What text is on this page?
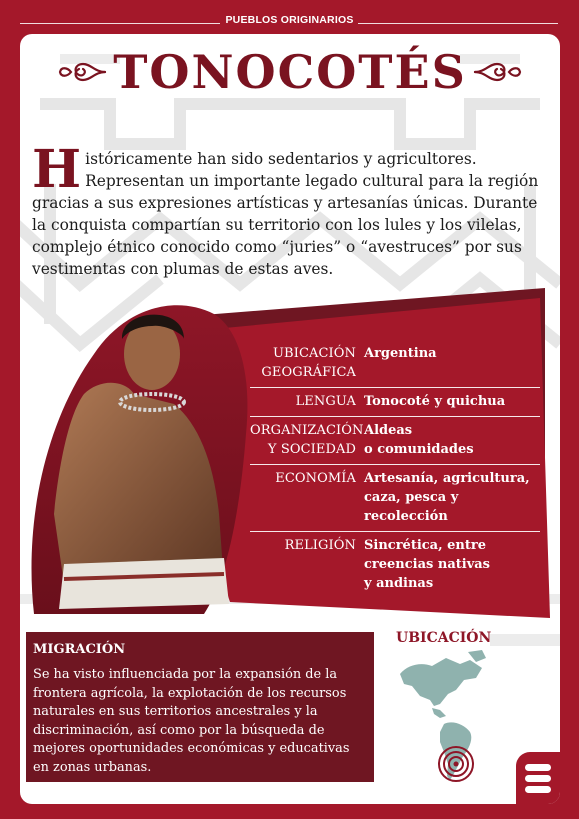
PUEBLOS ORIGINARIOS
TONOCOTÉS

Históricamente han sido sedentarios y agricultores. Representan un importante legado cultural para la región gracias a sus expresiones artísticas y artesanías únicas. Durante la conquista compartían su territorio con los lules y los vilelas, complejo étnico conocido como “juries” o “avestruces” por sus vestimentas con plumas de estas aves.

UBICACIÓN
GEOGRÁFICA
Argentina
LENGUA Tonocoté y quichua
ORGANIZACIÓN
Y SOCIEDAD
Aldeas
o comunidades
ECONOMÍA Artesanía, agricultura,
caza, pesca y recolección
RELIGIÓN Sincrética, entre
creencias nativas
y andinas
MIGRACIÓN

Se ha visto influenciada por la expansión de la frontera agrícola, la explotación de los recursos naturales en sus territorios ancestrales y la discriminación, así como por la búsqueda de mejores oportunidades económicas y educativas en zonas urbanas.

UBICACIÓN
